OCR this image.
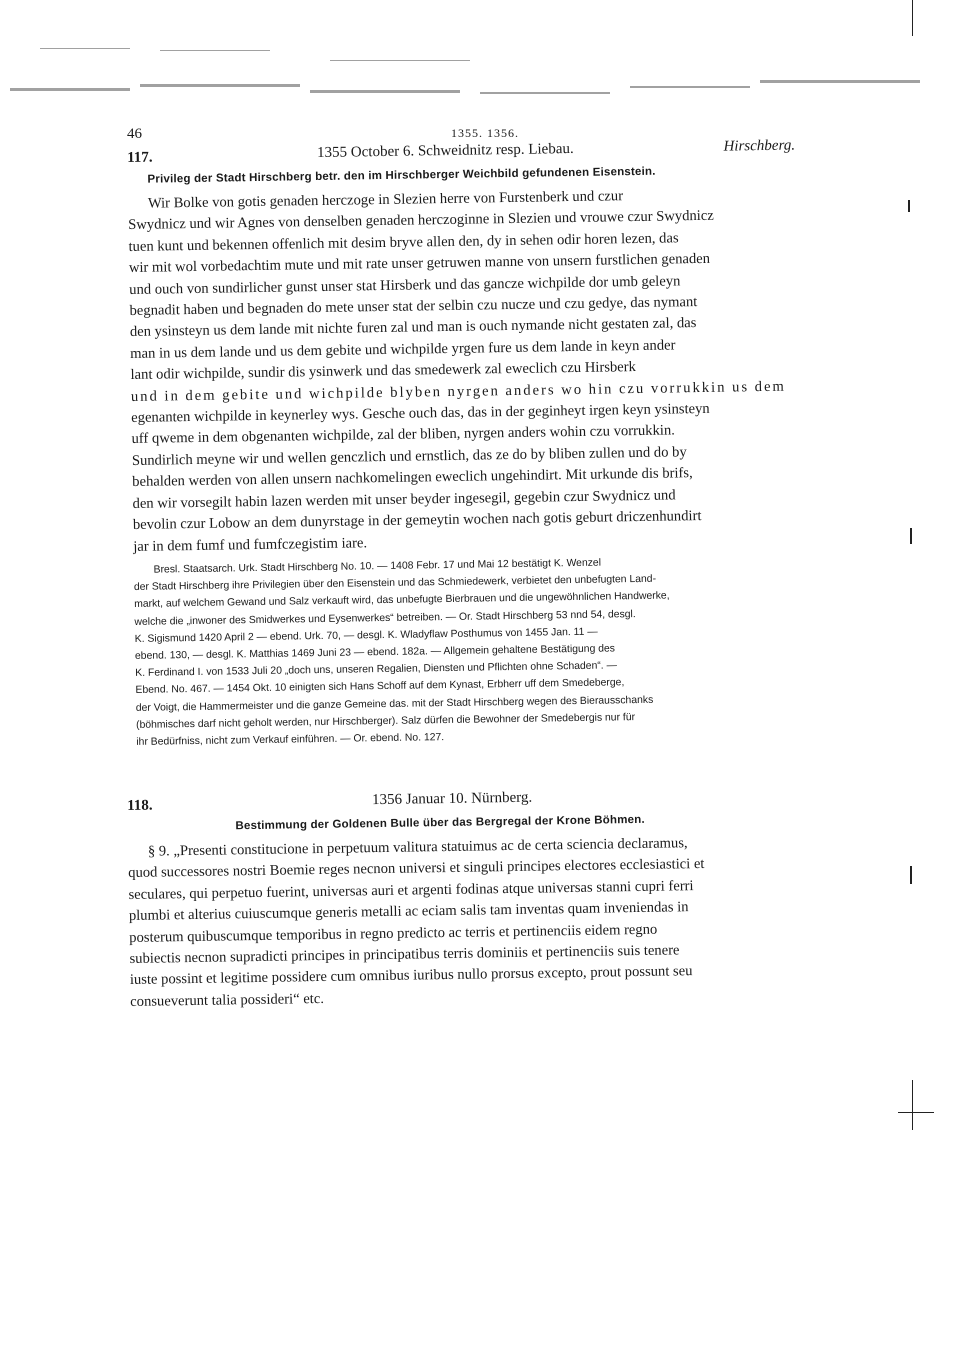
46	1355. 1356.
117.	1355 October 6. Schweidnitz resp. Liebau.	Hirschberg.
Privileg der Stadt Hirschberg betr. den im Hirschberger Weichbild gefundenen Eisenstein.
Wir Bolke von gotis genaden herczoge in Slezien herre von Furstenberk und czur
Swydnicz und wir Agnes von denselben genaden herczoginne in Slezien und vrouwe czur Swydnicz
tuen kunt und bekennen offenlich mit desim bryve allen den, dy in sehen odir horen lezen, das
wir mit wol vorbedachtim mute und mit rate unser getruwen manne von unsern furstlichen genaden
und ouch von sundirlicher gunst unser stat Hirsberk und das gancze wichpilde dor umb geleyn
begnadit haben und begnaden do mete unser stat der selbin czu nucze und czu gedye, das nymant
den ysinsteyn us dem lande mit nichte furen zal und man is ouch nymande nicht gestaten zal, das
man in us dem lande und us dem gebite und wichpilde yrgen fure us dem lande in keyn ander
lant odir wichpilde, sundir dis ysinwerk und das smedewerk zal eweclich czu Hirsberk
und in dem gebite und wichpilde blyben nyrgen anders wo hin czu vorrukkin us dem
egenanten wichpilde in keynerley wys. Gesche ouch das, das in der geginheyt irgen keyn ysinsteyn
uff qweme in dem obgenanten wichpilde, zal der bliben, nyrgen anders wohin czu vorrukkin.
Sundirlich meyne wir und wellen genczlich und ernstlich, das ze do by bliben zullen und do by
behalden werden von allen unsern nachkomelingen eweclich ungehindirt. Mit urkunde dis brifs,
den wir vorsegilt habin lazen werden mit unser beyder ingesegil, gegebin czur Swydnicz und
bevolin czur Lobow an dem dunyrstage in der gemeytin wochen nach gotis geburt driczenhundirt
jar in dem fumf und fumfczegistim iare.
Bresl. Staatsarch. Urk. Stadt Hirschberg No. 10. — 1408 Febr. 17 und Mai 12 bestätigt K. Wenzel
der Stadt Hirschberg ihre Privilegien über den Eisenstein und das Schmiedewerk, verbietet den unbefugten Land-
markt, auf welchem Gewand und Salz verkauft wird, das unbefugte Bierbrauen und die ungewöhnlichen Handwerke,
welche die „inwoner des Smidwerkes und Eysenwerkes“ betreiben. — Or. Stadt Hirschberg 53 nnd 54, desgl.
K. Sigismund 1420 April 2 — ebend. Urk. 70, — desgl. K. Wladyflaw Posthumus von 1455 Jan. 11 —
ebend. 130, — desgl. K. Matthias 1469 Juni 23 — ebend. 182a. — Allgemein gehaltene Bestätigung des
K. Ferdinand I. von 1533 Juli 20 „doch uns, unseren Regalien, Diensten und Pflichten ohne Schaden“. —
Ebend. No. 467. — 1454 Okt. 10 einigten sich Hans Schoff auf dem Kynast, Erbherr uff dem Smedeberge,
der Voigt, die Hammermeister und die ganze Gemeine das. mit der Stadt Hirschberg wegen des Bierausschanks
(böhmisches darf nicht geholt werden, nur Hirschberger). Salz dürfen die Bewohner der Smedebergis nur für
ihr Bedürfniss, nicht zum Verkauf einführen. — Or. ebend. No. 127.
118.	1356 Januar 10. Nürnberg.
Bestimmung der Goldenen Bulle über das Bergregal der Krone Böhmen.
§ 9. „Presenti constitucione in perpetuum valitura statuimus ac de certa sciencia declaramus,
quod successores nostri Boemie reges necnon universi et singuli principes electores ecclesiastici et
seculares, qui perpetuo fuerint, universas auri et argenti fodinas atque universas stanni cupri ferri
plumbi et alterius cuiuscumque generis metalli ac eciam salis tam inventas quam inveniendas in
posterum quibuscumque temporibus in regno predicto ac terris et pertinenciis eidem regno
subiectis necnon supradicti principes in principatibus terris dominiis et pertinenciis suis tenere
iuste possint et legitime possidere cum omnibus iuribus nullo prorsus excepto, prout possunt seu
consueverunt talia possideri“ etc.
